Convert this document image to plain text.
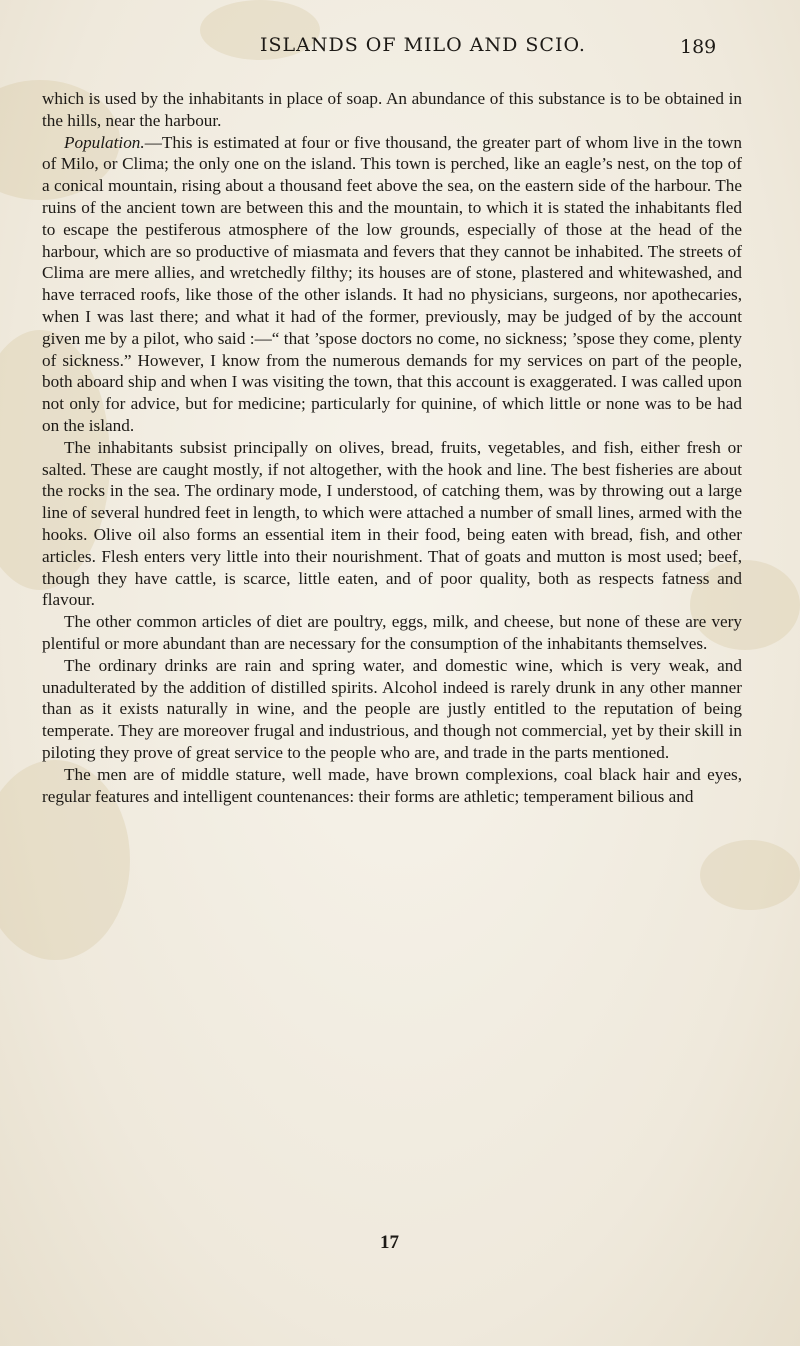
ISLANDS OF MILO AND SCIO.	189

which is used by the inhabitants in place of soap. An abundance of this substance is to be obtained in the hills, near the harbour.

Population.—This is estimated at four or five thousand, the greater part of whom live in the town of Milo, or Clima; the only one on the island. This town is perched, like an eagle’s nest, on the top of a conical mountain, rising about a thousand feet above the sea, on the eastern side of the harbour. The ruins of the ancient town are between this and the mountain, to which it is stated the inhabitants fled to escape the pestiferous atmosphere of the low grounds, especially of those at the head of the harbour, which are so productive of miasmata and fevers that they cannot be inhabited. The streets of Clima are mere allies, and wretchedly filthy; its houses are of stone, plastered and whitewashed, and have terraced roofs, like those of the other islands. It had no physicians, surgeons, nor apothecaries, when I was last there; and what it had of the former, previously, may be judged of by the account given me by a pilot, who said :—“ that ’spose doctors no come, no sickness; ’spose they come, plenty of sickness.” However, I know from the numerous demands for my services on part of the people, both aboard ship and when I was visiting the town, that this account is exaggerated. I was called upon not only for advice, but for medicine; particularly for quinine, of which little or none was to be had on the island.

The inhabitants subsist principally on olives, bread, fruits, vegetables, and fish, either fresh or salted. These are caught mostly, if not altogether, with the hook and line. The best fisheries are about the rocks in the sea. The ordinary mode, I understood, of catching them, was by throwing out a large line of several hundred feet in length, to which were attached a number of small lines, armed with the hooks. Olive oil also forms an essential item in their food, being eaten with bread, fish, and other articles. Flesh enters very little into their nourishment. That of goats and mutton is most used; beef, though they have cattle, is scarce, little eaten, and of poor quality, both as respects fatness and flavour.

The other common articles of diet are poultry, eggs, milk, and cheese, but none of these are very plentiful or more abundant than are necessary for the consumption of the inhabitants themselves.

The ordinary drinks are rain and spring water, and domestic wine, which is very weak, and unadulterated by the addition of distilled spirits. Alcohol indeed is rarely drunk in any other manner than as it exists naturally in wine, and the people are justly entitled to the reputation of being temperate. They are moreover frugal and industrious, and though not commercial, yet by their skill in piloting they prove of great service to the people who are, and trade in the parts mentioned.

The men are of middle stature, well made, have brown complexions, coal black hair and eyes, regular features and intelligent countenances: their forms are athletic; temperament bilious and

17
